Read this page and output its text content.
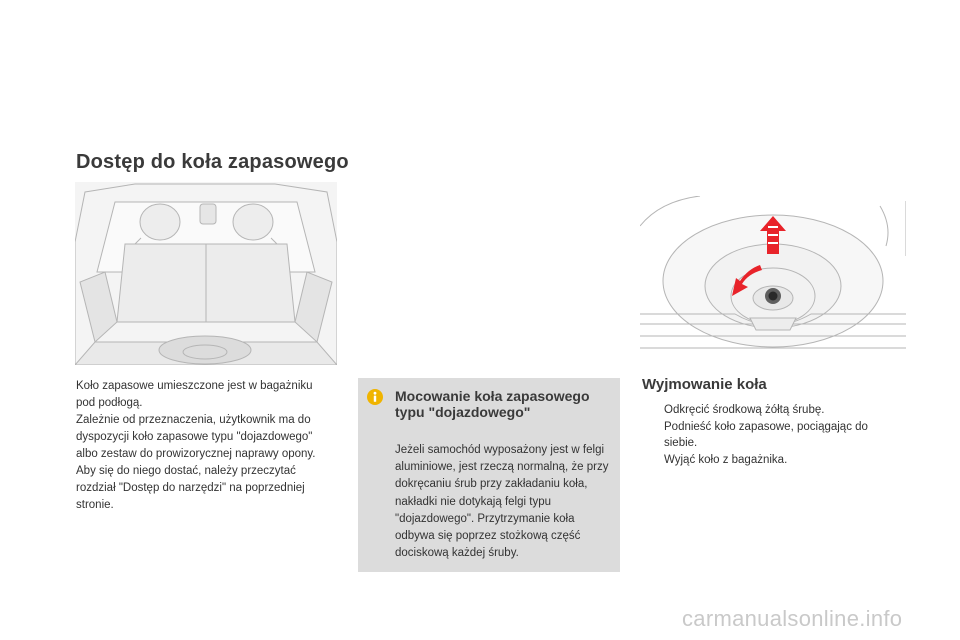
Dostęp do koła zapasowego

Koło zapasowe umieszczone jest w bagażniku
pod podłogą.
Zależnie od przeznaczenia, użytkownik ma do
dyspozycji koło zapasowe typu "dojazdowego"
albo zestaw do prowizorycznej naprawy opony.
Aby się do niego dostać, należy przeczytać
rozdział "Dostęp do narzędzi" na poprzedniej
stronie.

Mocowanie koła zapasowego typu "dojazdowego"

Jeżeli samochód wyposażony jest w felgi aluminiowe, jest rzeczą normalną, że przy dokręcaniu śrub przy zakładaniu koła, nakładki nie dotykają felgi typu "dojazdowego". Przytrzymanie koła odbywa się poprzez stożkową część dociskową każdej śruby.

Wyjmowanie koła
Odkręcić środkową żółtą śrubę.
Podnieść koło zapasowe, pociągając do siebie.
Wyjąć koło z bagażnika.

carmanualsonline.info
